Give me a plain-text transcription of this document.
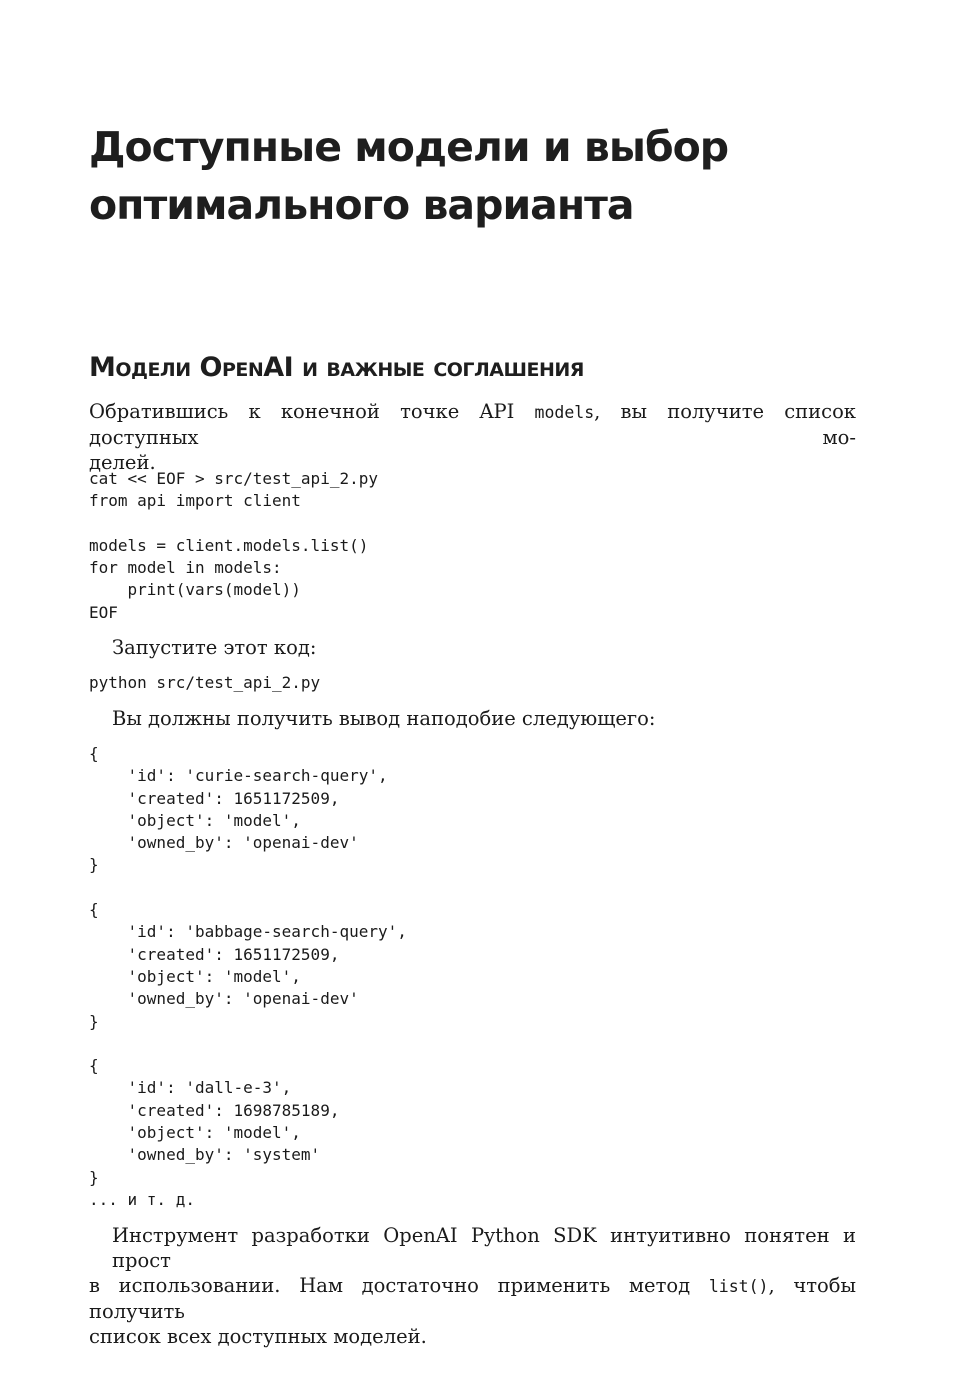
Доступные модели и выбор
оптимального варианта
Модели OpenAI и важные соглашения

Обратившись к конечной точке API models, вы получите список доступных мо-
делей.

cat << EOF > src/test_api_2.py
from api import client
models = client.models.list()
for model in models:
print(vars(model))
EOF

Запустите этот код:

python src/test_api_2.py

Вы должны получить вывод наподобие следующего:

{
'id': 'curie-search-query',
'created': 1651172509,
'object': 'model',
'owned_by': 'openai-dev'
}
{
'id': 'babbage-search-query',
'created': 1651172509,
'object': 'model',
'owned_by': 'openai-dev'
}
{
'id': 'dall-e-3',
'created': 1698785189,
'object': 'model',
'owned_by': 'system'
}
... и т. д.

Инструмент разработки OpenAI Python SDK интуитивно понятен и прост
в использовании. Нам достаточно применить метод list(), чтобы получить
список всех доступных моделей.
